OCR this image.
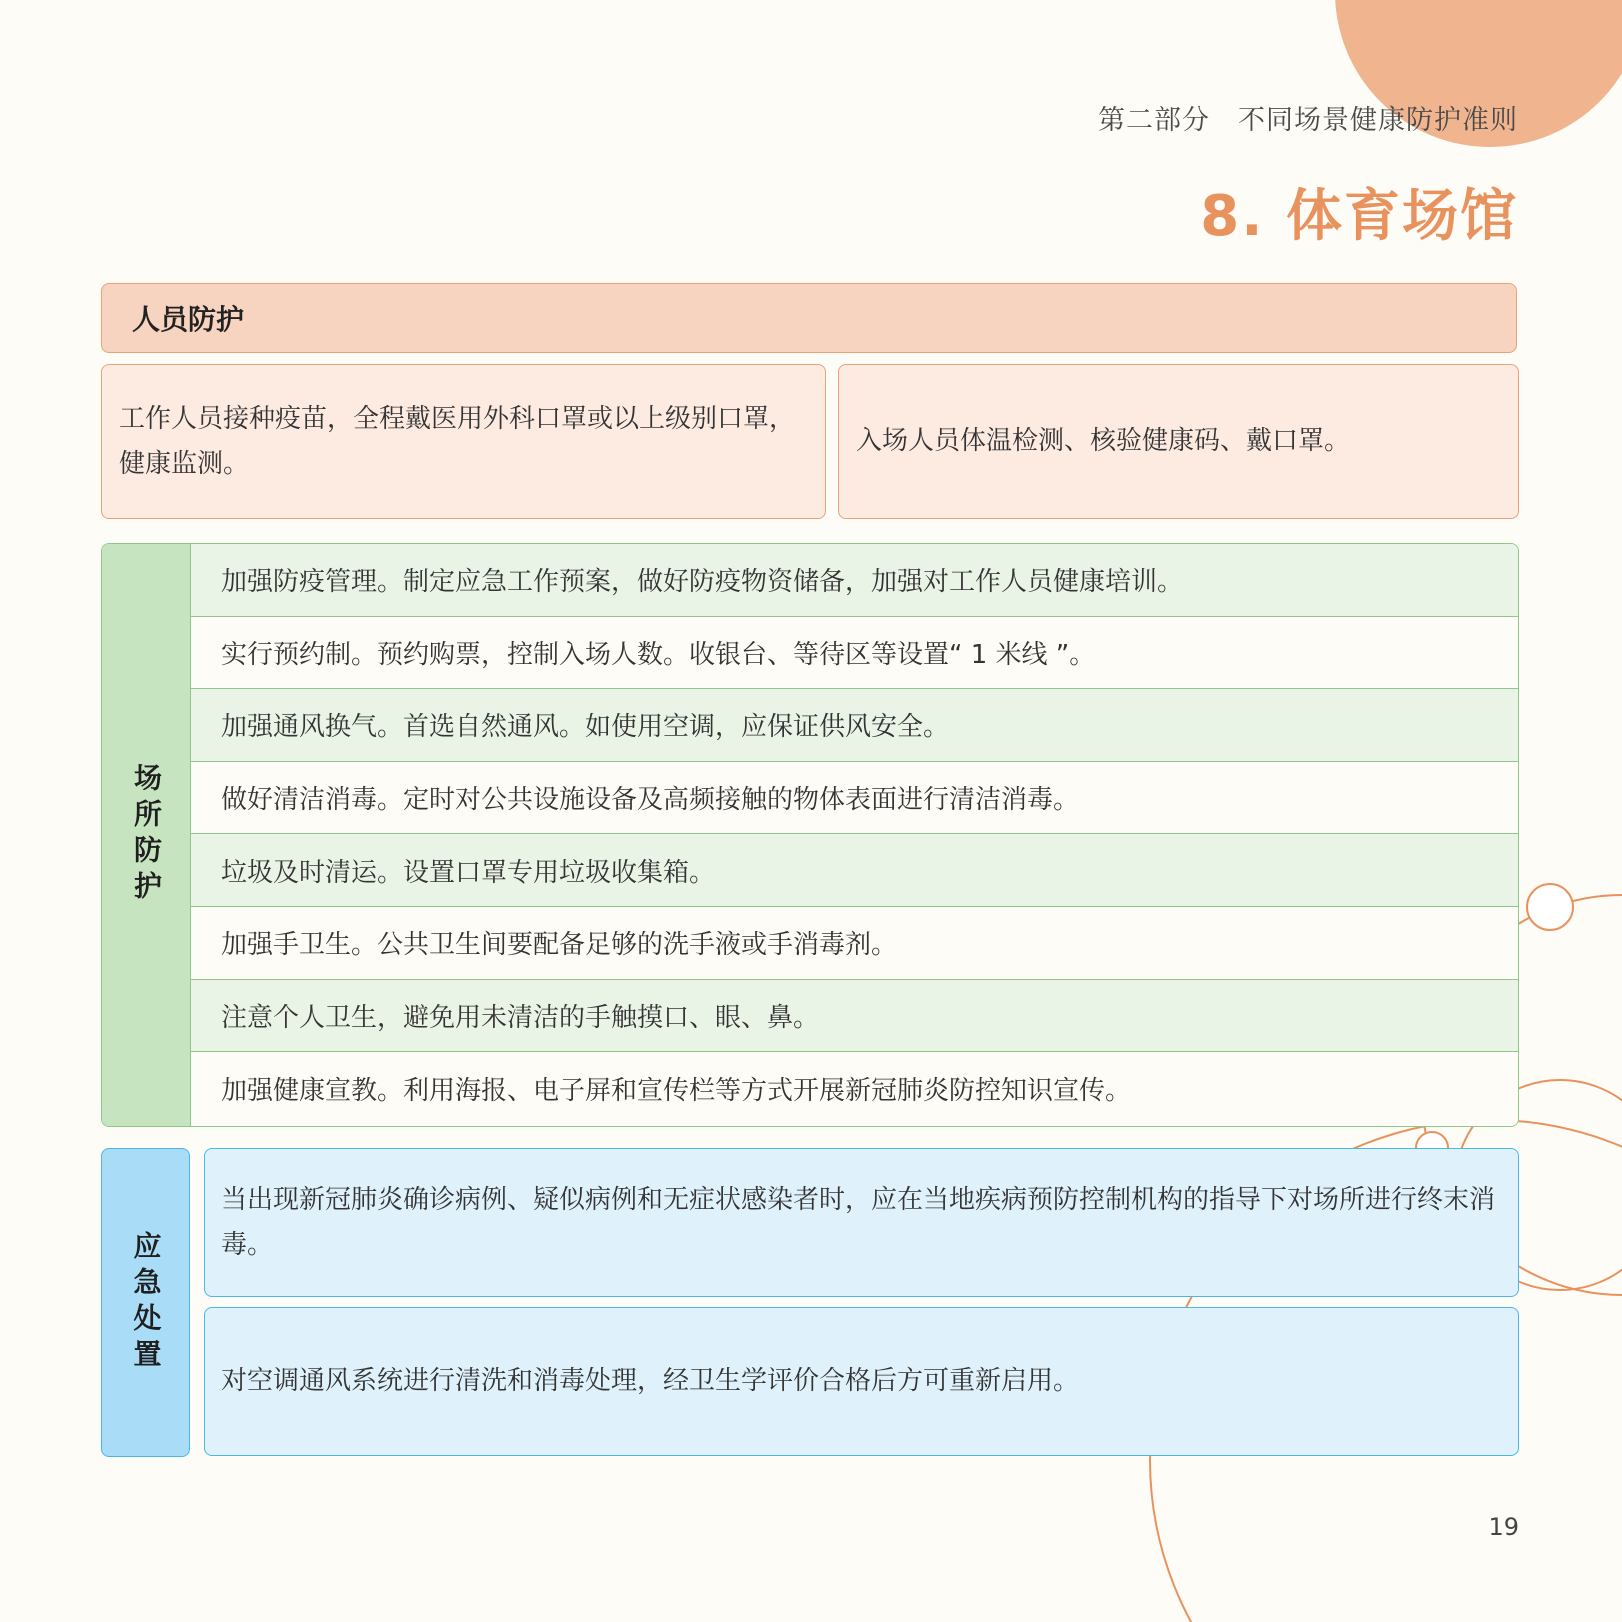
第二部分　不同场景健康防护准则
8. 体育场馆
人员防护
工作人员接种疫苗，全程戴医用外科口罩或以上级别口罩，健康监测。
入场人员体温检测、核验健康码、戴口罩。
场所防护
加强防疫管理。制定应急工作预案，做好防疫物资储备，加强对工作人员健康培训。
实行预约制。预约购票，控制入场人数。收银台、等待区等设置“ 1 米线 ”。
加强通风换气。首选自然通风。如使用空调，应保证供风安全。
做好清洁消毒。定时对公共设施设备及高频接触的物体表面进行清洁消毒。
垃圾及时清运。设置口罩专用垃圾收集箱。
加强手卫生。公共卫生间要配备足够的洗手液或手消毒剂。
注意个人卫生，避免用未清洁的手触摸口、眼、鼻。
加强健康宣教。利用海报、电子屏和宣传栏等方式开展新冠肺炎防控知识宣传。
应急处置
当出现新冠肺炎确诊病例、疑似病例和无症状感染者时，应在当地疾病预防控制机构的指导下对场所进行终末消毒。
对空调通风系统进行清洗和消毒处理，经卫生学评价合格后方可重新启用。
19
